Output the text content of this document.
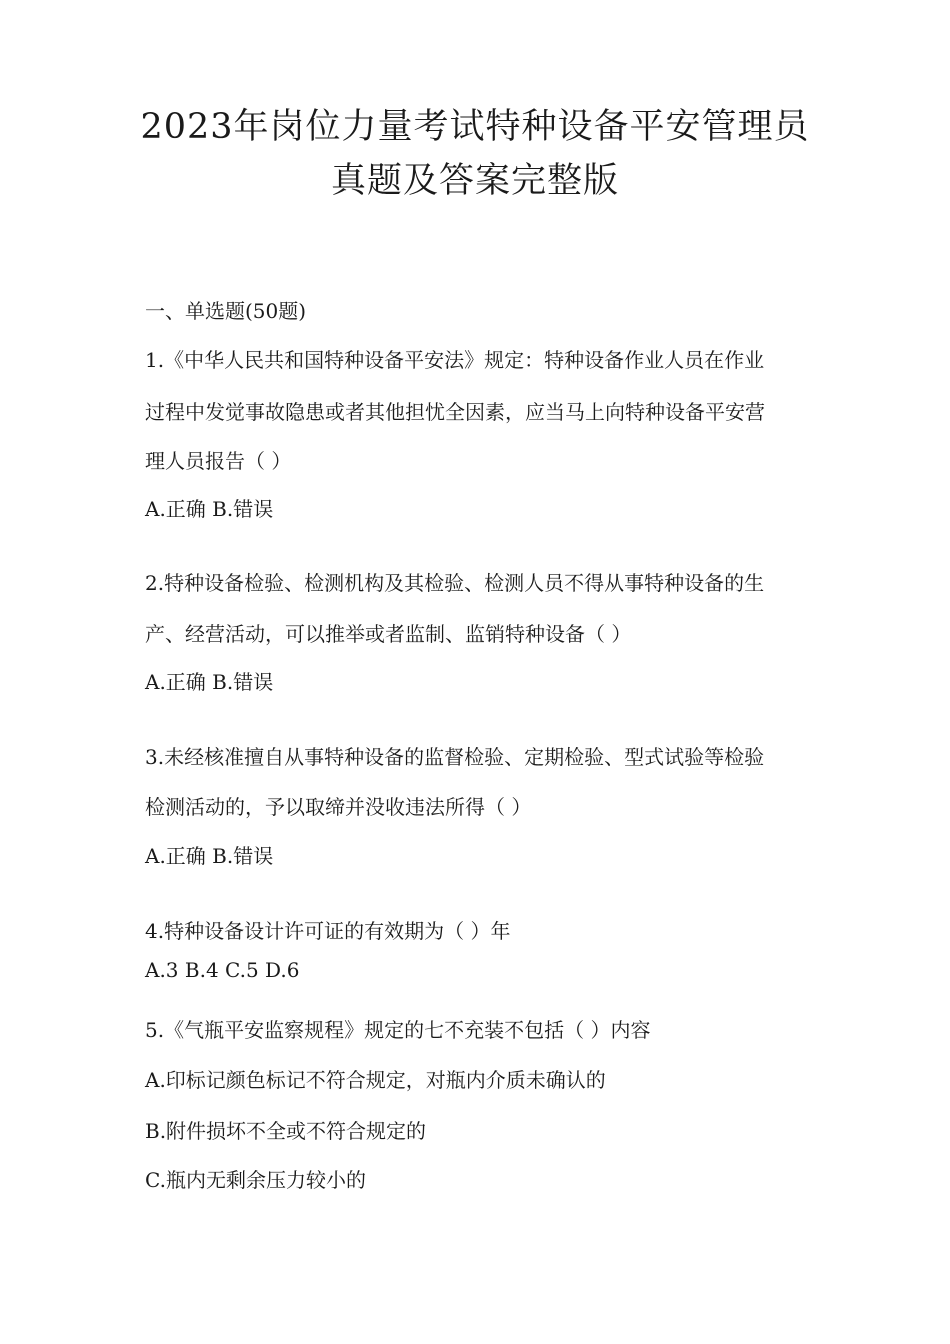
2023年岗位力量考试特种设备平安管理员
真题及答案完整版

一、单选题(50题)

1.《中华人民共和国特种设备平安法》规定：特种设备作业人员在作业

过程中发觉事故隐患或者其他担忧全因素，应当马上向特种设备平安营

理人员报告（ ）

A.正确 B.错误

2.特种设备检验、检测机构及其检验、检测人员不得从事特种设备的生

产、经营活动，可以推举或者监制、监销特种设备（ ）

A.正确 B.错误

3.未经核准擅自从事特种设备的监督检验、定期检验、型式试验等检验

检测活动的，予以取缔并没收违法所得（ ）

A.正确 B.错误

4.特种设备设计许可证的有效期为（ ）年

A.3 B.4 C.5 D.6

5.《气瓶平安监察规程》规定的七不充装不包括（ ）内容

A.印标记颜色标记不符合规定，对瓶内介质未确认的

B.附件损坏不全或不符合规定的

C.瓶内无剩余压力较小的
